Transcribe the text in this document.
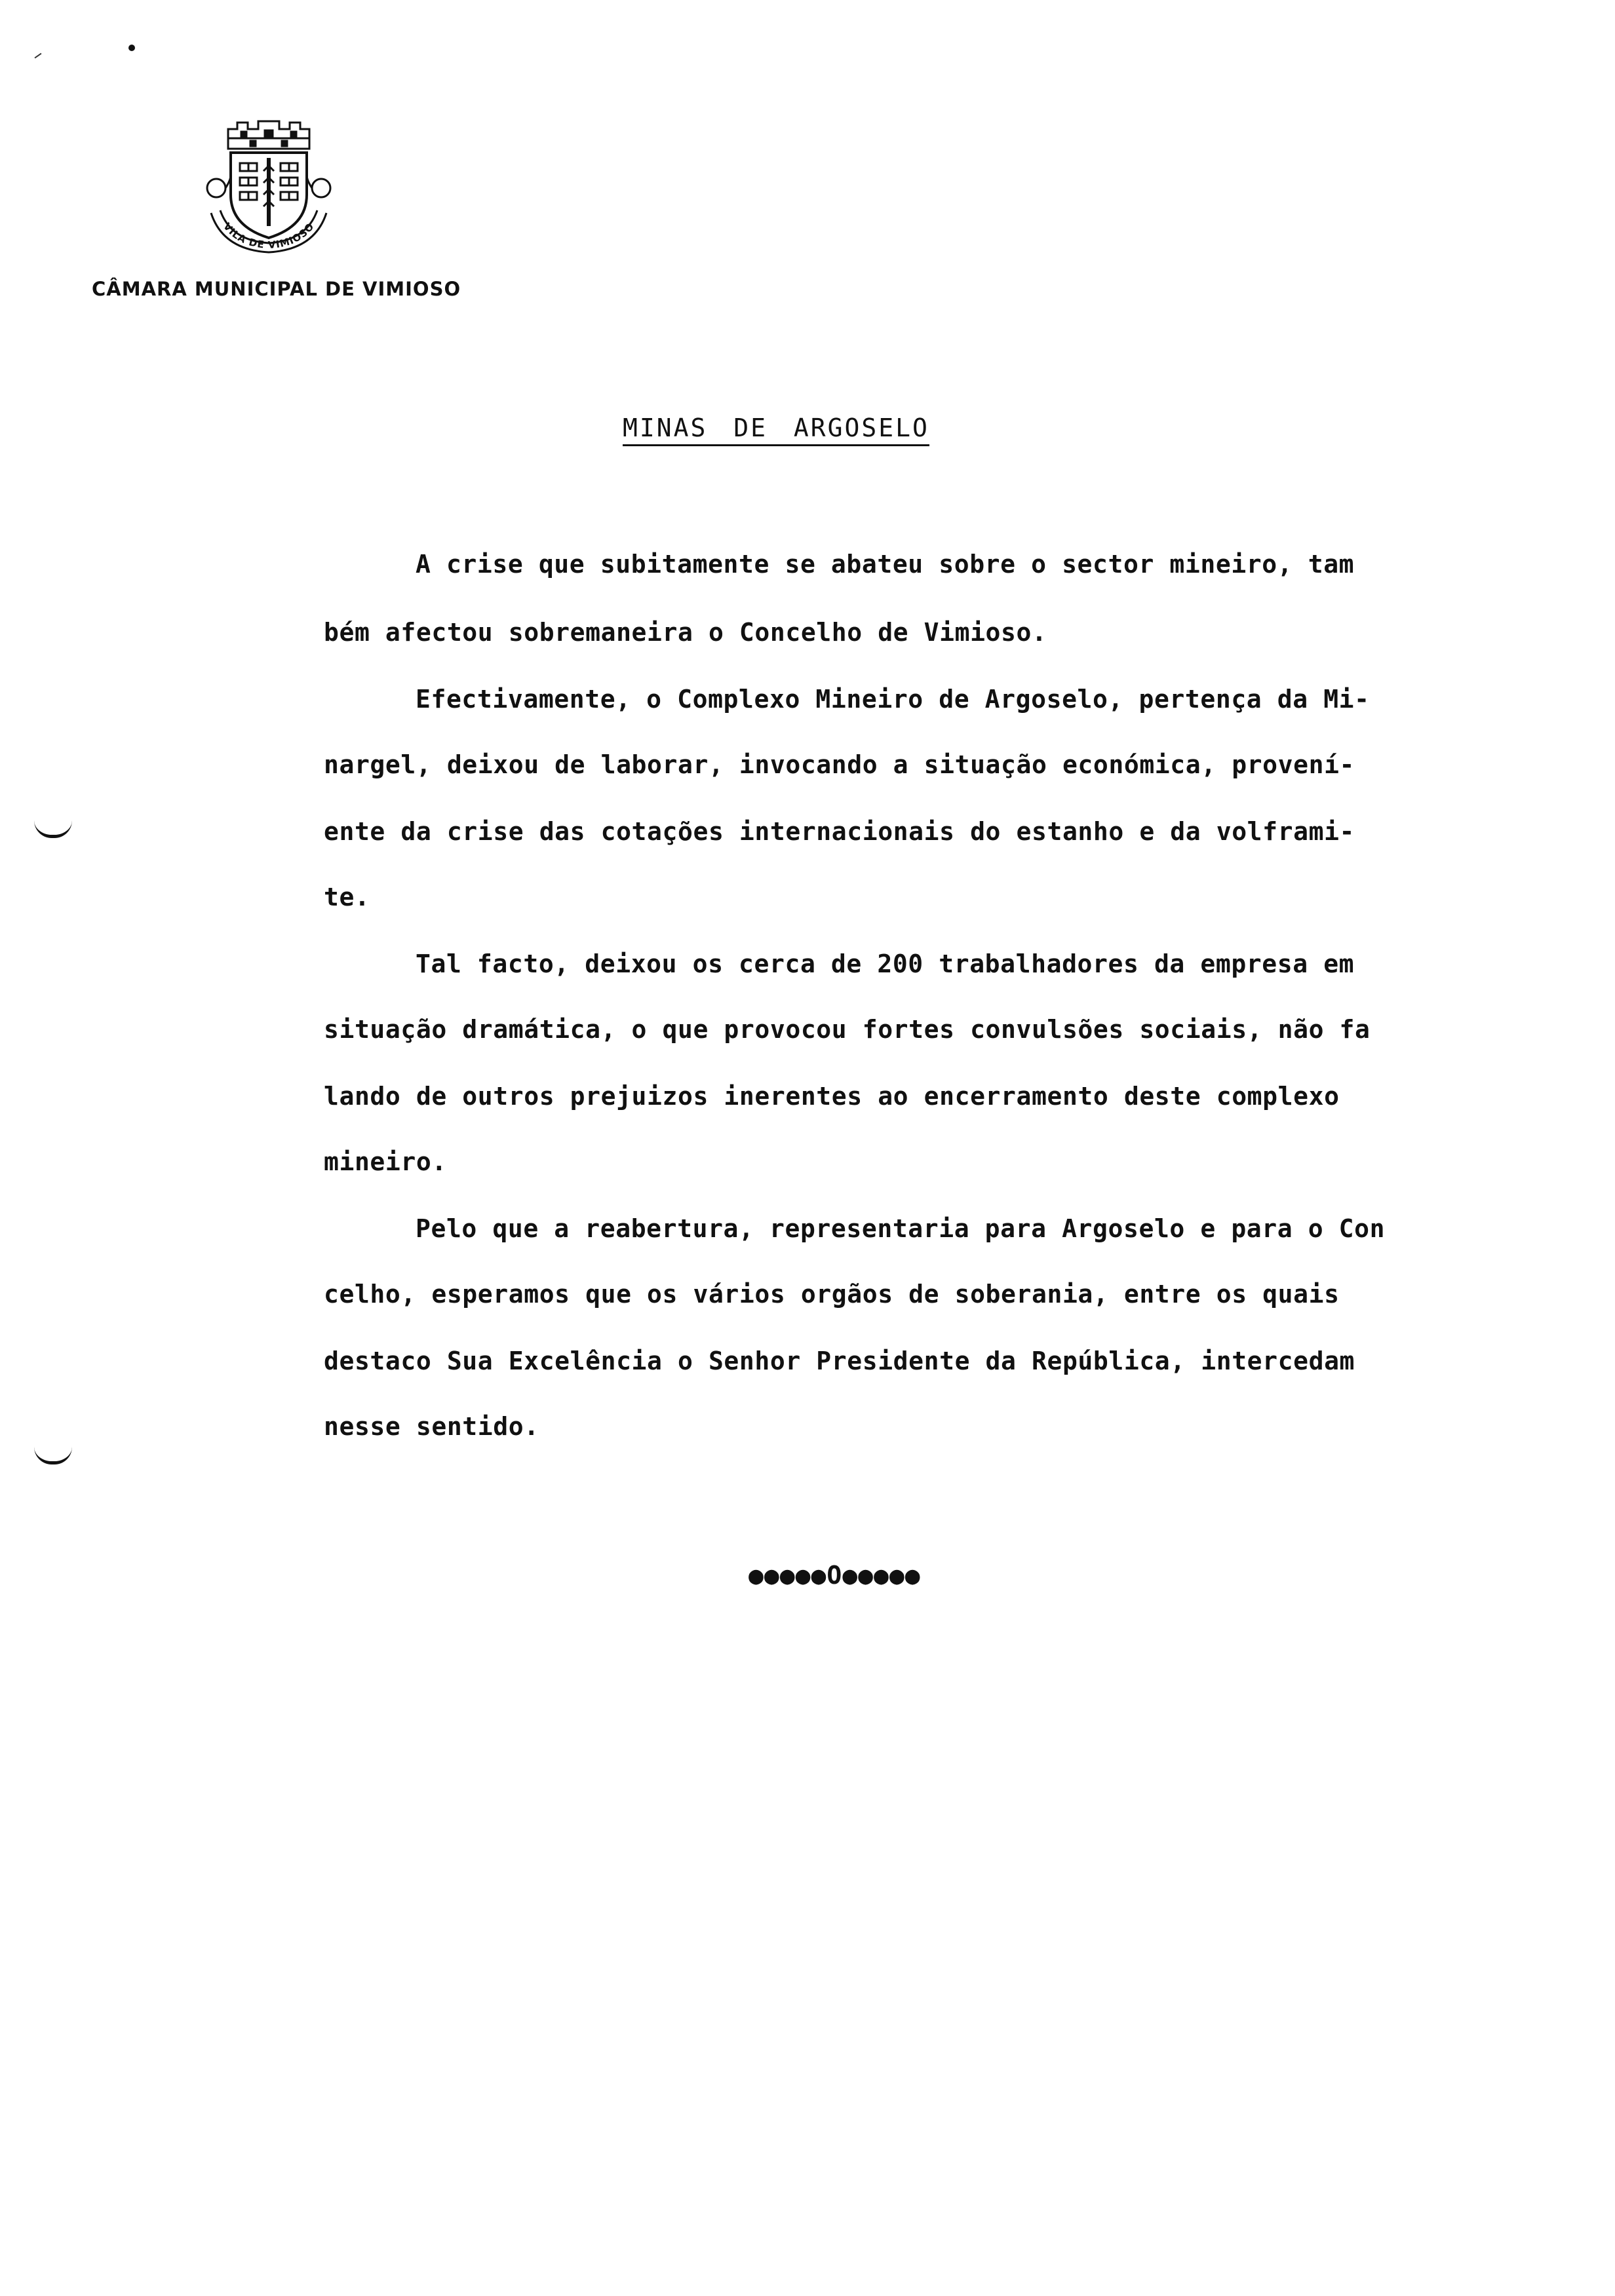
VILA DE VIMIOSO
CÂMARA MUNICIPAL DE VIMIOSO
MINAS DE ARGOSELO
A crise que subitamente se abateu sobre o sector mineiro, tam
bém afectou sobremaneira o Concelho de Vimioso.
Efectivamente, o Complexo Mineiro de Argoselo, pertença da Mi-
nargel, deixou de laborar, invocando a situação económica, provení-
ente da crise das cotações internacionais do estanho e da volframi-
te.
Tal facto, deixou os cerca de 200 trabalhadores da empresa em
situação dramática, o que provocou fortes convulsões sociais, não fa
lando de outros prejuizos inerentes ao encerramento deste complexo
mineiro.
Pelo que a reabertura, representaria para Argoselo e para o Con
celho, esperamos que os vários orgãos de soberania, entre os quais
destaco Sua Excelência o Senhor Presidente da República, intercedam
nesse sentido.
●●●●●O●●●●●
